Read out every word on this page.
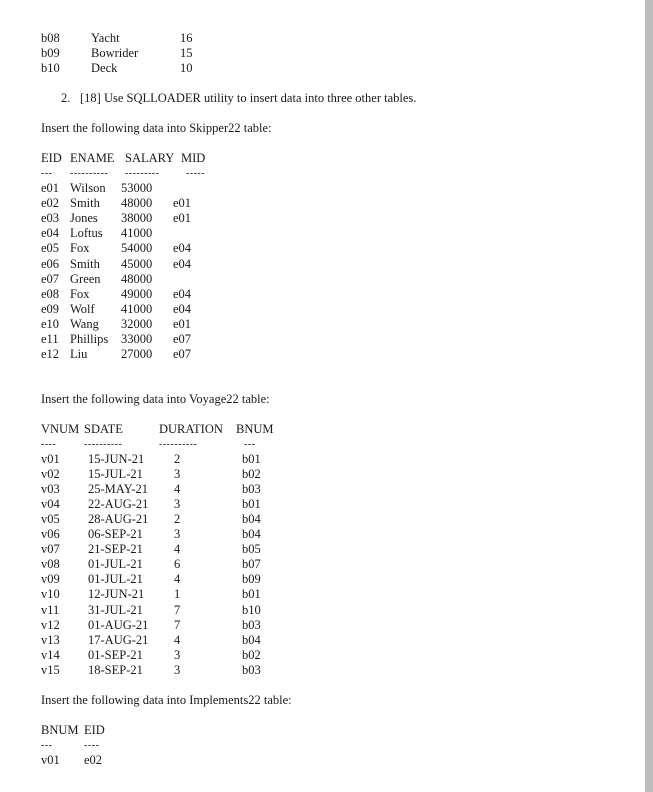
b08	Yacht	16
b09	Bowrider	15
b10	Deck	10
2. [18] Use SQLLOADER utility to insert data into three other tables.
Insert the following data into Skipper22 table:
EID ENAME SALARY MID
--- ---------- ---------	-----
e01 Wilson 53000
e02 Smith 48000 e01
e03 Jones 38000 e01
e04 Loftus 41000
e05 Fox	54000 e04
e06 Smith 45000 e04
e07 Green 48000
e08 Fox	49000 e04
e09 Wolf 41000 e04
e10 Wang 32000 e01
e11 Phillips 33000 e07
e12 Liu	27000 e07
Insert the following data into Voyage22 table:
VNUM SDATE	DURATION BNUM
----	----------	----------	---
v01 15-JUN-21 2	b01
v02 15-JUL-21 3	b02
v03 25-MAY-21 4	b03
v04 22-AUG-21 3	b01
v05 28-AUG-21 2	b04
v06 06-SEP-21 3	b04
v07 21-SEP-21 4	b05
v08 01-JUL-21 6	b07
v09 01-JUL-21 4	b09
v10 12-JUN-21 1	b01
v11 31-JUL-21 7	b10
v12 01-AUG-21 7	b03
v13 17-AUG-21 4	b04
v14 01-SEP-21 3	b02
v15 18-SEP-21 3	b03
Insert the following data into Implements22 table:
BNUM EID
---	----
v01 e02
